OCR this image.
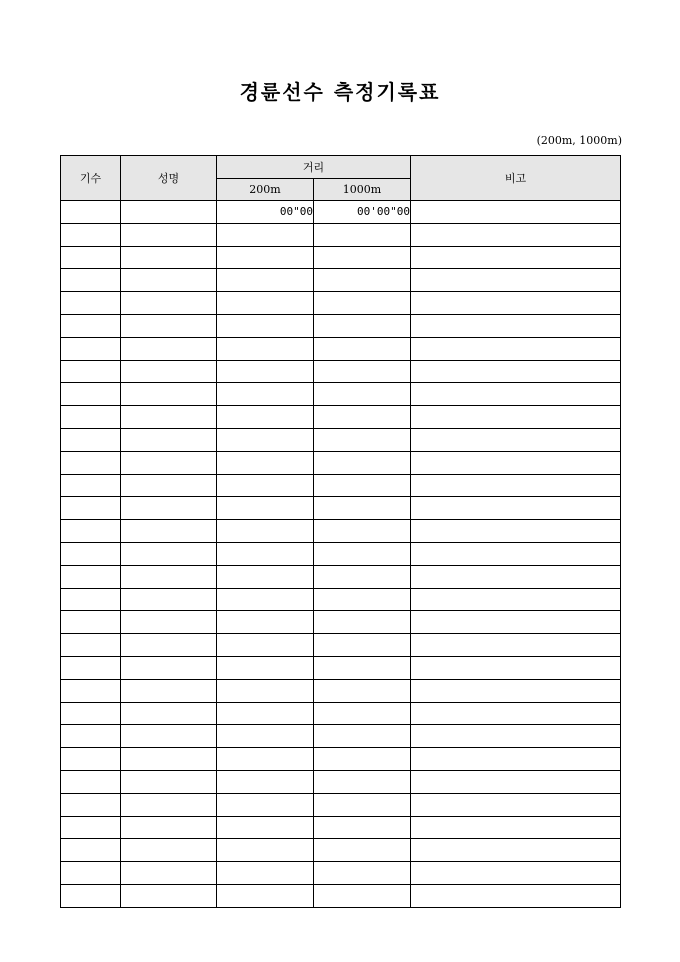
경륜선수 측정기록표
(200m, 1000m)
기수	성명	거리		비고
		200m	1000m	
		00"00	00'00"00	
